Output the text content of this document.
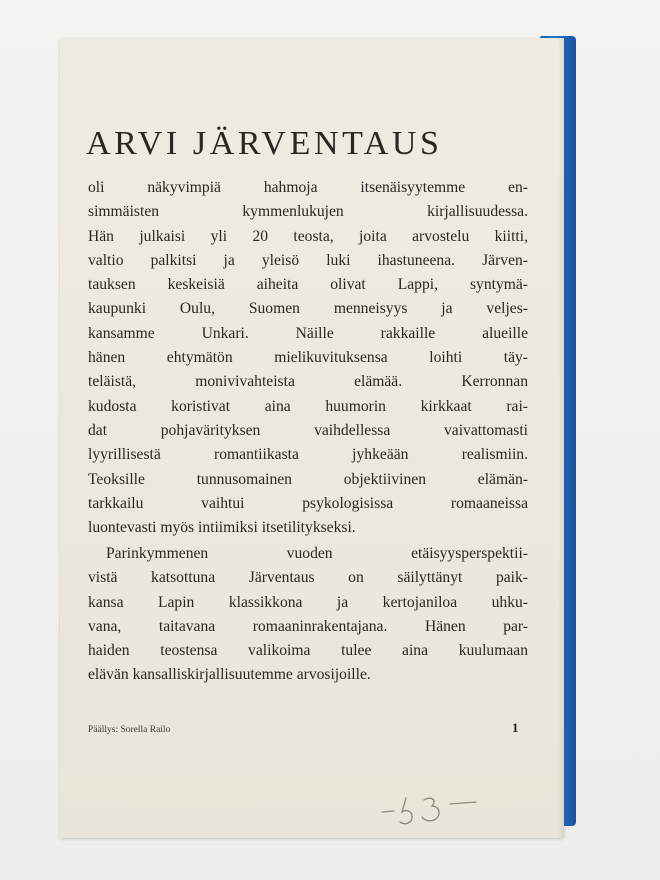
ARVI JÄRVENTAUS
oli näkyvimpiä hahmoja itsenäisyytemme en-
simmäisten kymmenlukujen kirjallisuudessa.
Hän julkaisi yli 20 teosta, joita arvostelu kiitti,
valtio palkitsi ja yleisö luki ihastuneena. Järven-
tauksen keskeisiä aiheita olivat Lappi, syntymä-
kaupunki Oulu, Suomen menneisyys ja veljes-
kansamme Unkari. Näille rakkaille alueille
hänen ehtymätön mielikuvituksensa loihti täy-
teläistä, monivivahteista elämää. Kerronnan
kudosta koristivat aina huumorin kirkkaat rai-
dat pohjavärityksen vaihdellessa vaivattomasti
lyyrillisestä romantiikasta jyhkeään realismiin.
Teoksille tunnusomainen objektiivinen elämän-
tarkkailu vaihtui psykologisissa romaaneissa
luontevasti myös intiimiksi itsetilitykseksi.
Parinkymmenen vuoden etäisyysperspektii-
vistä katsottuna Järventaus on säilyttänyt paik-
kansa Lapin klassikkona ja kertojaniloa uhku-
vana, taitavana romaaninrakentajana. Hänen par-
haiden teostensa valikoima tulee aina kuulumaan
elävän kansalliskirjallisuutemme arvosijoille.
Päällys: Sorella Railo	1
